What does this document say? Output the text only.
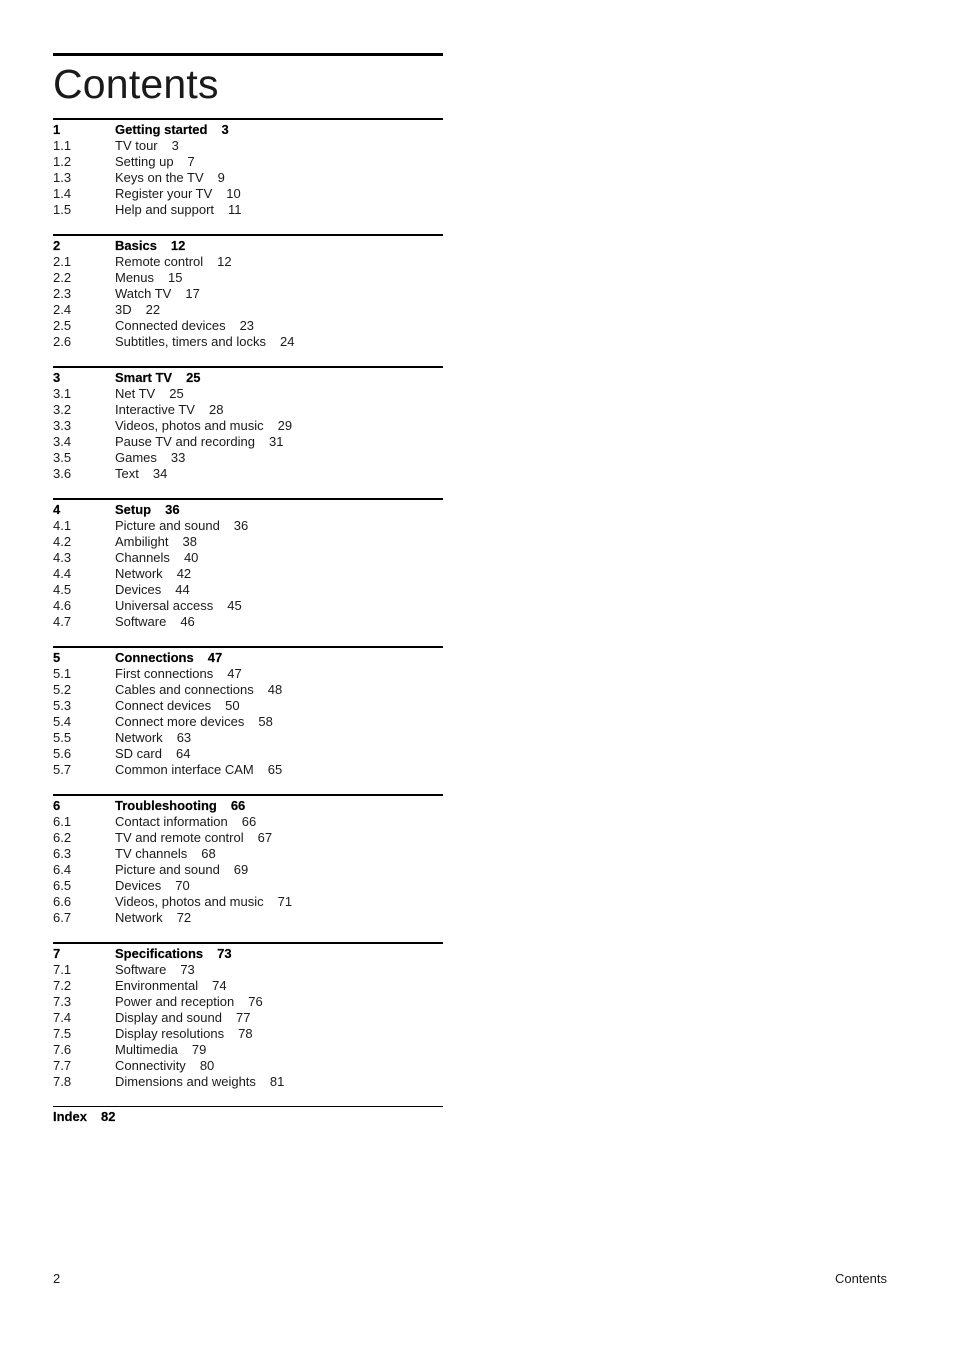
Contents
1	Getting started 3
1.1	TV tour 3
1.2	Setting up 7
1.3	Keys on the TV 9
1.4	Register your TV 10
1.5	Help and support 11
2	Basics 12
2.1	Remote control 12
2.2	Menus 15
2.3	Watch TV 17
2.4	3D 22
2.5	Connected devices 23
2.6	Subtitles, timers and locks 24
3	Smart TV 25
3.1	Net TV 25
3.2	Interactive TV 28
3.3	Videos, photos and music 29
3.4	Pause TV and recording 31
3.5	Games 33
3.6	Text 34
4	Setup 36
4.1	Picture and sound 36
4.2	Ambilight 38
4.3	Channels 40
4.4	Network 42
4.5	Devices 44
4.6	Universal access 45
4.7	Software 46
5	Connections 47
5.1	First connections 47
5.2	Cables and connections 48
5.3	Connect devices 50
5.4	Connect more devices 58
5.5	Network 63
5.6	SD card 64
5.7	Common interface CAM 65
6	Troubleshooting 66
6.1	Contact information 66
6.2	TV and remote control 67
6.3	TV channels 68
6.4	Picture and sound 69
6.5	Devices 70
6.6	Videos, photos and music 71
6.7	Network 72
7	Specifications 73
7.1	Software 73
7.2	Environmental 74
7.3	Power and reception 76
7.4	Display and sound 77
7.5	Display resolutions 78
7.6	Multimedia 79
7.7	Connectivity 80
7.8	Dimensions and weights 81
Index 82
2	Contents
